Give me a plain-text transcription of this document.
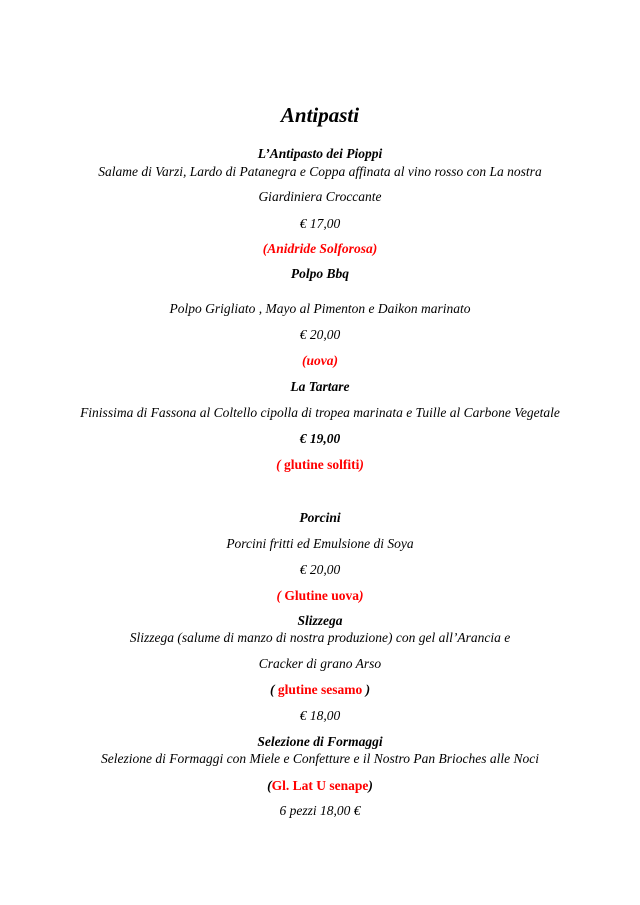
Antipasti
L’Antipasto dei Pioppi
Salame di Varzi, Lardo di Patanegra e Coppa affinata al vino rosso con La nostra
Giardiniera Croccante
€ 17,00
(Anidride Solforosa)
Polpo Bbq
Polpo Grigliato , Mayo al Pimenton e Daikon marinato
€ 20,00
(uova)
La Tartare
Finissima di Fassona al Coltello cipolla di tropea marinata e Tuille al Carbone Vegetale
€ 19,00
( glutine solfiti)
Porcini
Porcini fritti ed Emulsione di Soya
€ 20,00
( Glutine uova)
Slizzega
Slizzega (salume di manzo di nostra produzione) con gel all’Arancia e
Cracker di grano Arso
( glutine sesamo )
€ 18,00
Selezione di Formaggi
Selezione di Formaggi con Miele e Confetture e il Nostro Pan Brioches alle Noci
(Gl. Lat U senape)
6 pezzi 18,00 €
